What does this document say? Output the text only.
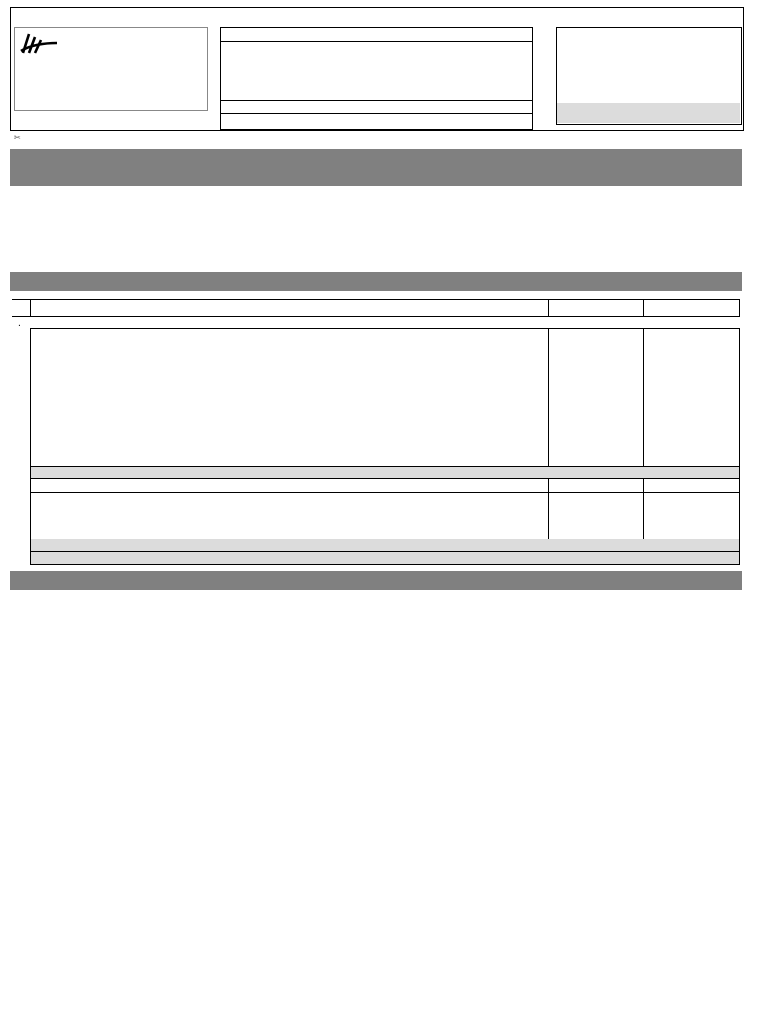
✂
.
